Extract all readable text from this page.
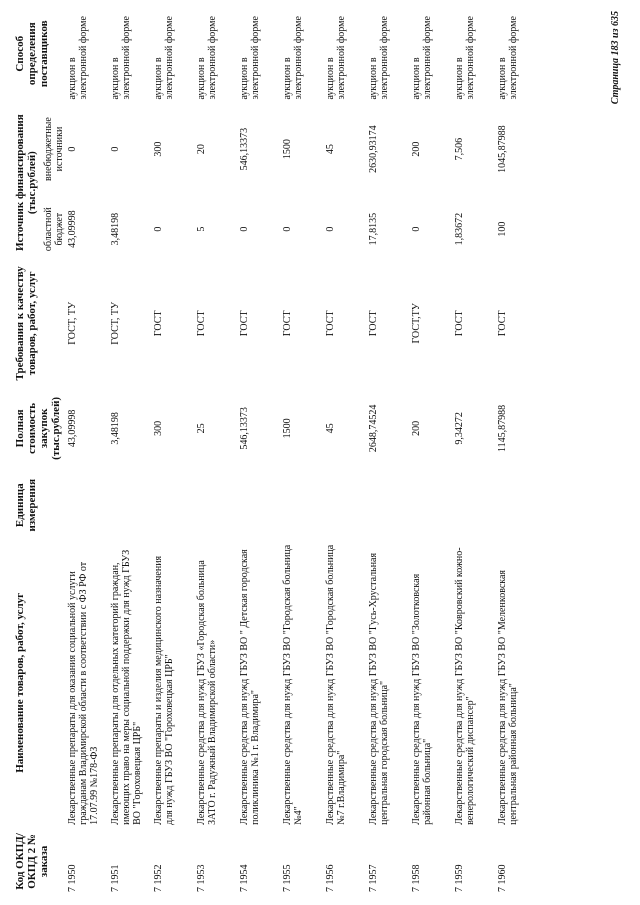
Код ОКПД/ ОКПД 2 № заказа	Наименование товаров, работ, услуг	Единица измерения	Полная стоимость закупок (тыс.рублей)	Требования к качеству товаров, работ, услуг	Источник финансирования (тыс.рублей)		Способ определения поставщиков
					областной бюджет	внебюджетные источники	
7 1950	Лекарственные препараты для оказания социальной услуги гражданам Владимирской области в соответствии с ФЗ РФ от 17.07.99 №178-ФЗ		43,09998	ГОСТ, ТУ	43,09998	0	аукцион в электронной форме
7 1951	Лекарственные препараты для отдельных категорий граждан, имеющих право на меры социальной поддержки для нужд ГБУЗ ВО "Гороховецкая ЦРБ"		3,48198	ГОСТ, ТУ	3,48198	0	аукцион в электронной форме
7 1952	Лекарственные препараты и изделия медицинского назначения для нужд ГБУЗ ВО "Гороховецкая ЦРБ"		300	ГОСТ	0	300	аукцион в электронной форме
7 1953	Лекарственные средства для нужд ГБУЗ «Городская больница ЗАТО г. Радужный Владимирской области»		25	ГОСТ	5	20	аукцион в электронной форме
7 1954	Лекарственные средства для нужд ГБУЗ ВО " Детская городская поликлиника №1 г. Владимира"		546,13373	ГОСТ	0	546,13373	аукцион в электронной форме
7 1955	Лекарственные средства для нужд ГБУЗ ВО "Городская больница №4"		1500	ГОСТ	0	1500	аукцион в электронной форме
7 1956	Лекарственные средства для нужд ГБУЗ ВО "Городская больница №7 г.Владимира"		45	ГОСТ	0	45	аукцион в электронной форме
7 1957	Лекарственные средства для нужд ГБУЗ ВО "Гусь-Хрустальная центральная городская больница"		2648,74524	ГОСТ	17,8135	2630,93174	аукцион в электронной форме
7 1958	Лекарственные средства для нужд ГБУЗ ВО "Золотковская районная больница"		200	ГОСТ,ТУ	0	200	аукцион в электронной форме
7 1959	Лекарственные средства для нужд ГБУЗ ВО "Ковровский кожно-венерологический диспансер"		9,34272	ГОСТ	1,83672	7,506	аукцион в электронной форме
7 1960	Лекарственные средства для нужд ГБУЗ ВО "Меленковская центральная районная больница"		1145,87988	ГОСТ	100	1045,87988	аукцион в электронной форме	Страница 183 из 635
